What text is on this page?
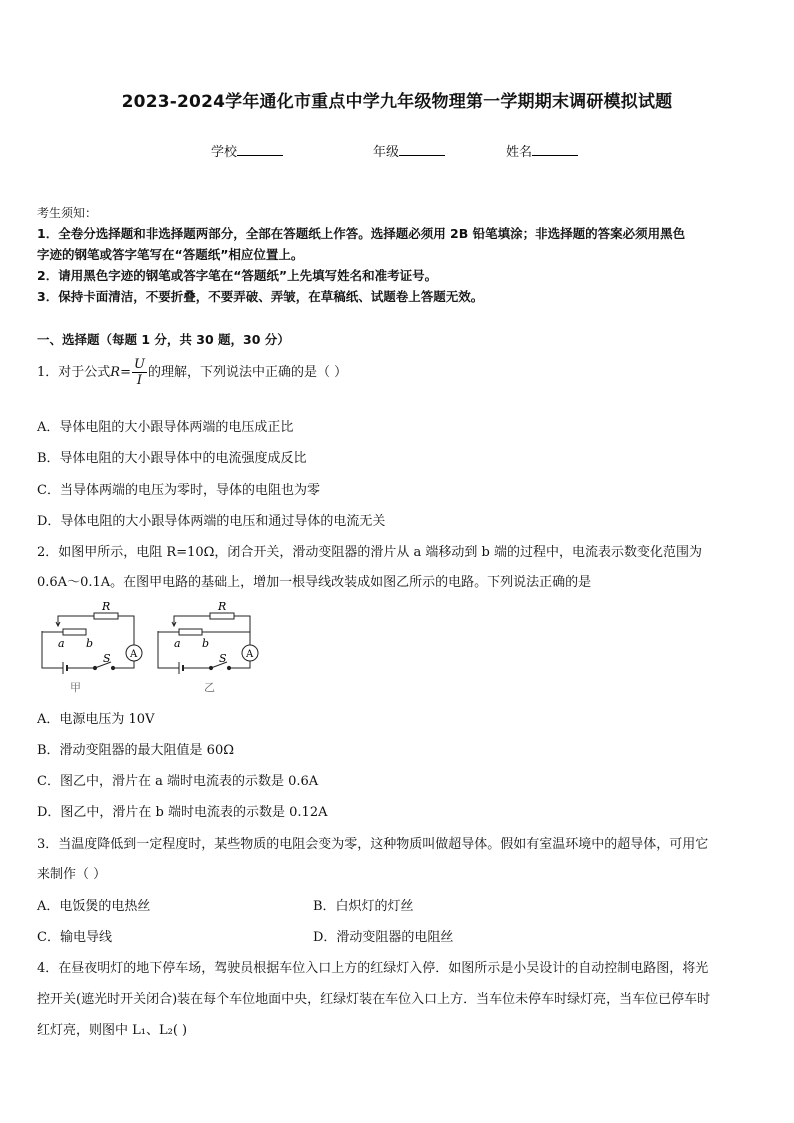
2023-2024学年通化市重点中学九年级物理第一学期期末调研模拟试题
学校	年级	姓名
考生须知：
1．全卷分选择题和非选择题两部分，全部在答题纸上作答。选择题必须用 2B 铅笔填涂；非选择题的答案必须用黑色
字迹的钢笔或答字笔写在“答题纸”相应位置上。
2．请用黑色字迹的钢笔或答字笔在“答题纸”上先填写姓名和准考证号。
3．保持卡面清洁，不要折叠，不要弄破、弄皱，在草稿纸、试题卷上答题无效。
一、选择题（每题 1 分，共 30 题，30 分）
1．对于公式$R= \frac{U}{I}$ 的理解，下列说法中正确的是（ ）
A．导体电阻的大小跟导体两端的电压成正比
B．导体电阻的大小跟导体中的电流强度成反比
C．当导体两端的电压为零时，导体的电阻也为零
D．导体电阻的大小跟导体两端的电压和通过导体的电流无关
2．如图甲所示，电阻 R=10Ω，闭合开关，滑动变阻器的滑片从 a 端移动到 b 端的过程中，电流表示数变化范围为
0.6A～0.1A。在图甲电路的基础上，增加一根导线改装成如图乙所示的电路。下列说法正确的是
R
a b
S A
甲
R
a b
S A
乙
A．电源电压为 10V
B．滑动变阻器的最大阻值是 60Ω
C．图乙中，滑片在 a 端时电流表的示数是 0.6A
D．图乙中，滑片在 b 端时电流表的示数是 0.12A
3．当温度降低到一定程度时，某些物质的电阻会变为零，这种物质叫做超导体。假如有室温环境中的超导体，可用它
来制作（ ）
A．电饭煲的电热丝	B．白炽灯的灯丝
C．输电导线	D．滑动变阻器的电阻丝
4．在昼夜明灯的地下停车场，驾驶员根据车位入口上方的红绿灯入停．如图所示是小吴设计的自动控制电路图，将光
控开关(遮光时开关闭合)装在每个车位地面中央，红绿灯装在车位入口上方．当车位未停车时绿灯亮，当车位已停车时
红灯亮，则图中 L₁、L₂( )
